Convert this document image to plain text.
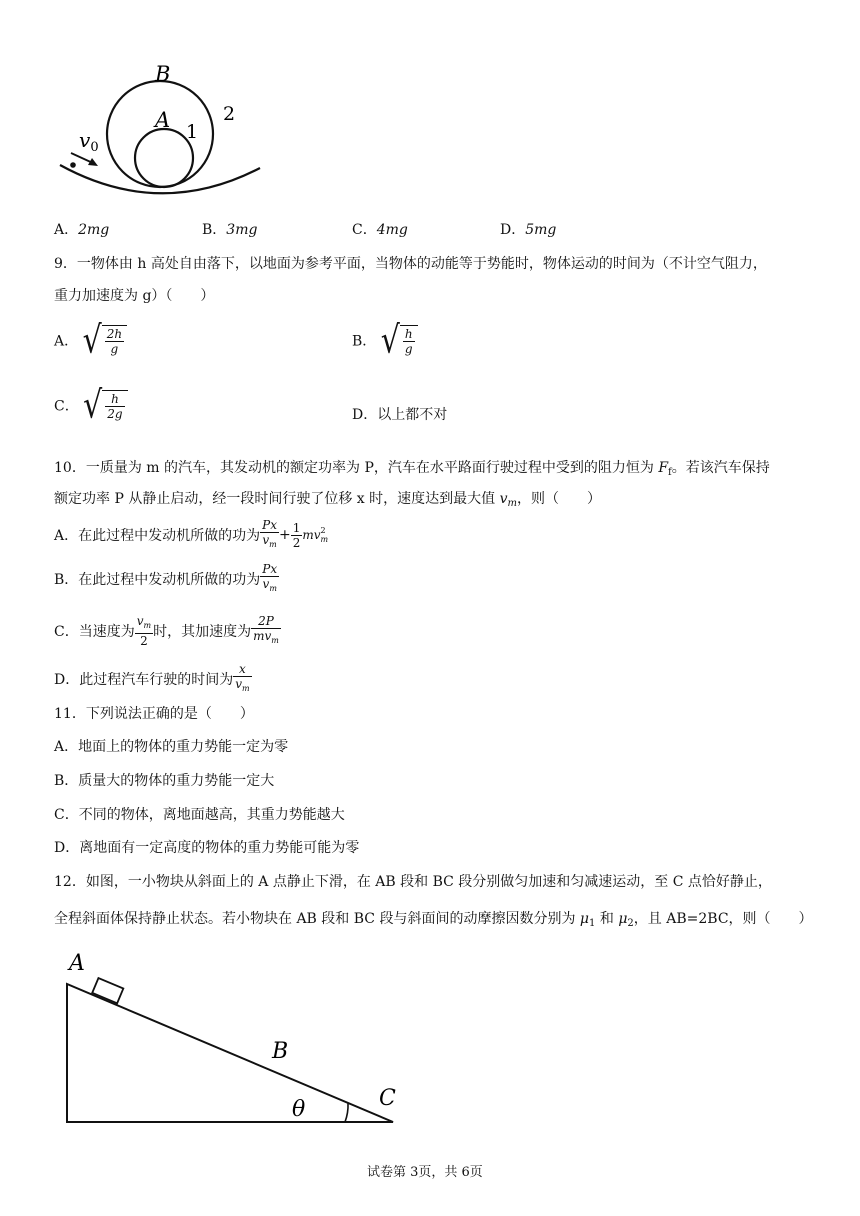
B
A 1
2
$v_0$
A．2mg	B．3mg	C．4mg	D．5mg
9．一物体由 h 高处自由落下，以地面为参考平面，当物体的动能等于势能时，物体运动的时间为（不计空气阻力，
重力加速度为 g）（　　）
A． √ $\frac{2h}{g}$	B． √ $\frac{h}{g}$
C． √ $\frac{h}{2g}$	D．以上都不对
10．一质量为 m 的汽车，其发动机的额定功率为 P，汽车在水平路面行驶过程中受到的阻力恒为 $F_f$。若该汽车保持
额定功率 P 从静止启动，经一段时间行驶了位移 x 时，速度达到最大值 $v_m$，则（　　）
A．在此过程中发动机所做的功为 $\frac{Px}{v_m} + \frac{1}{2}$ mv 2
m
B．在此过程中发动机所做的功为 $\frac{Px}{v_m}$
C．当速度为 $\frac{v_m}{2}$ 时，其加速度为 $\frac{2P}{mv_m}$
D．此过程汽车行驶的时间为 $\frac{x}{v_m}$
11．下列说法正确的是（　　）
A．地面上的物体的重力势能一定为零
B．质量大的物体的重力势能一定大
C．不同的物体，离地面越高，其重力势能越大
D．离地面有一定高度的物体的重力势能可能为零
12．如图，一小物块从斜面上的 A 点静止下滑，在 AB 段和 BC 段分别做匀加速和匀减速运动，至 C 点恰好静止，
全程斜面体保持静止状态。若小物块在 AB 段和 BC 段与斜面间的动摩擦因数分别为 $\mu_1$ 和 $\mu_2$，且 AB=2BC，则（　　）
A
B
C
θ
试卷第 3页，共 6页
